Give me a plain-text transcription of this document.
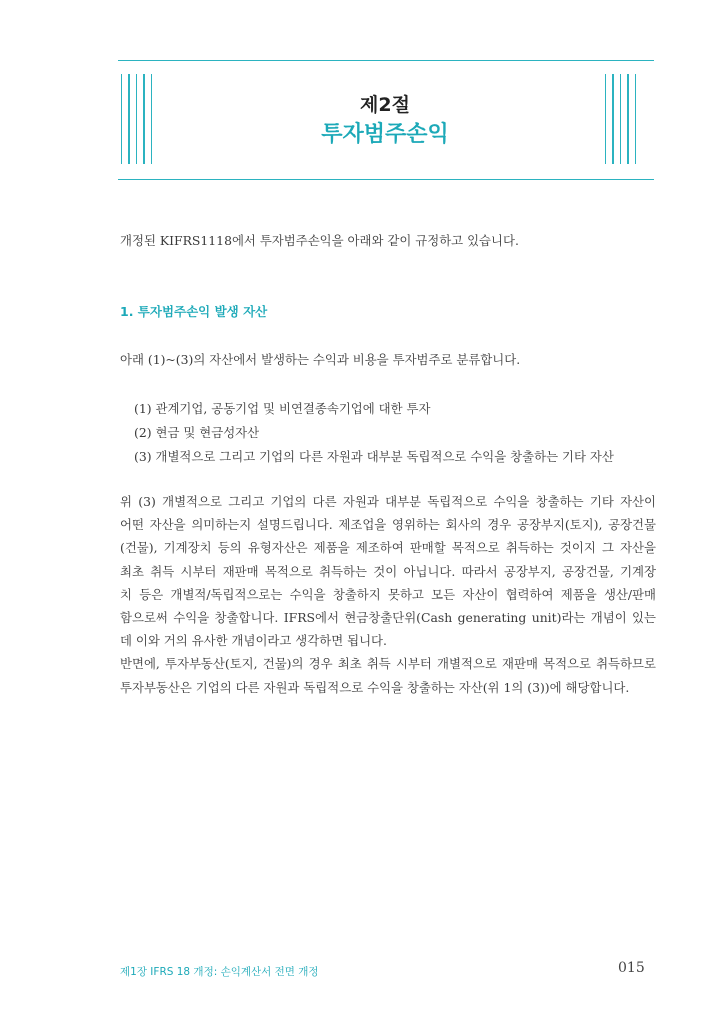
제2절
투자범주손익
개정된 KIFRS1118에서 투자범주손익을 아래와 같이 규정하고 있습니다.
1. 투자범주손익 발생 자산
아래 (1)~(3)의 자산에서 발생하는 수익과 비용을 투자범주로 분류합니다.
(1) 관계기업, 공동기업 및 비연결종속기업에 대한 투자
(2) 현금 및 현금성자산
(3) 개별적으로 그리고 기업의 다른 자원과 대부분 독립적으로 수익을 창출하는 기타 자산
위 (3) 개별적으로 그리고 기업의 다른 자원과 대부분 독립적으로 수익을 창출하는 기타 자산이
어떤 자산을 의미하는지 설명드립니다. 제조업을 영위하는 회사의 경우 공장부지(토지), 공장건물
(건물), 기계장치 등의 유형자산은 제품을 제조하여 판매할 목적으로 취득하는 것이지 그 자산을
최초 취득 시부터 재판매 목적으로 취득하는 것이 아닙니다. 따라서 공장부지, 공장건물, 기계장
치 등은 개별적/독립적으로는 수익을 창출하지 못하고 모든 자산이 협력하여 제품을 생산/판매
함으로써 수익을 창출합니다. IFRS에서 현금창출단위(Cash generating unit)라는 개념이 있는
데 이와 거의 유사한 개념이라고 생각하면 됩니다.
반면에, 투자부동산(토지, 건물)의 경우 최초 취득 시부터 개별적으로 재판매 목적으로 취득하므로
투자부동산은 기업의 다른 자원과 독립적으로 수익을 창출하는 자산(위 1의 (3))에 해당합니다.
제1장 IFRS 18 개정: 손익계산서 전면 개정	015
